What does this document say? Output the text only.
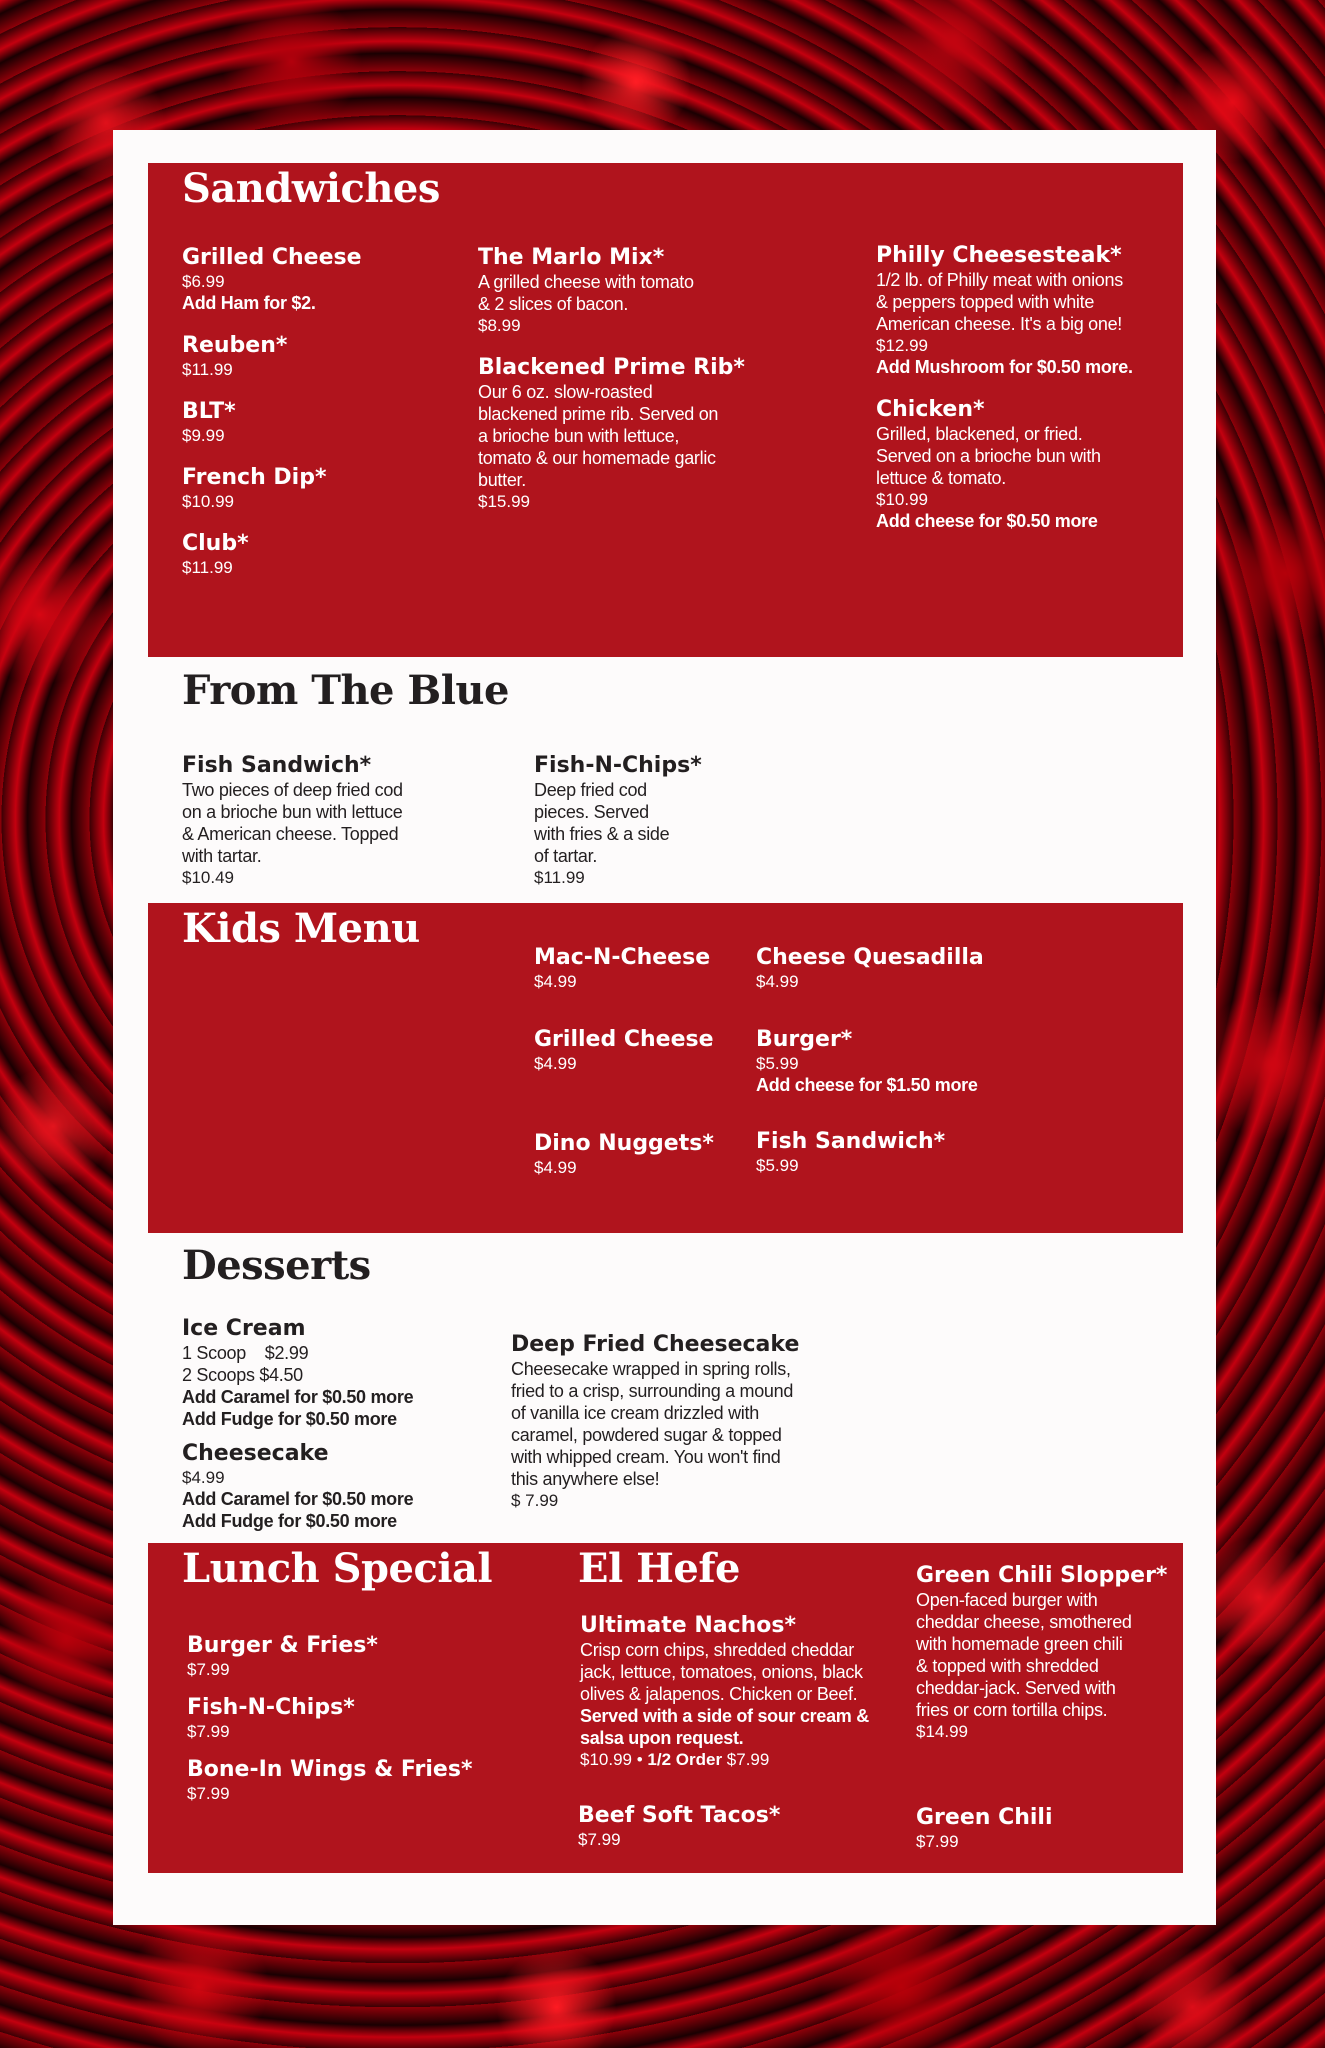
Sandwiches
Grilled Cheese
$6.99
Add Ham for $2.
Reuben*
$11.99
BLT*
$9.99
French Dip*
$10.99
Club*
$11.99
The Marlo Mix*
A grilled cheese with tomato
& 2 slices of bacon.
$8.99
Blackened Prime Rib*
Our 6 oz. slow-roasted
blackened prime rib. Served on
a brioche bun with lettuce,
tomato & our homemade garlic
butter.
$15.99
Philly Cheesesteak*
1/2 lb. of Philly meat with onions
& peppers topped with white
American cheese. It's a big one!
$12.99
Add Mushroom for $0.50 more.
Chicken*
Grilled, blackened, or fried.
Served on a brioche bun with
lettuce & tomato.
$10.99
Add cheese for $0.50 more
From The Blue
Fish Sandwich*
Two pieces of deep fried cod
on a brioche bun with lettuce
& American cheese. Topped
with tartar.
$10.49
Fish-N-Chips*
Deep fried cod
pieces. Served
with fries & a side
of tartar.
$11.99
Kids Menu
Mac-N-Cheese
$4.99
Grilled Cheese
$4.99
Dino Nuggets*
$4.99
Cheese Quesadilla
$4.99
Burger*
$5.99
Add cheese for $1.50 more
Fish Sandwich*
$5.99
Desserts
Ice Cream
1 Scoop    $2.99
2 Scoops $4.50
Add Caramel for $0.50 more
Add Fudge for $0.50 more
Cheesecake
$4.99
Add Caramel for $0.50 more
Add Fudge for $0.50 more
Deep Fried Cheesecake
Cheesecake wrapped in spring rolls,
fried to a crisp, surrounding a mound
of vanilla ice cream drizzled with
caramel, powdered sugar & topped
with whipped cream. You won't find
this anywhere else!
$ 7.99
Lunch Special
Burger & Fries*
$7.99
Fish-N-Chips*
$7.99
Bone-In Wings & Fries*
$7.99
El Hefe
Ultimate Nachos*
Crisp corn chips, shredded cheddar
jack, lettuce, tomatoes, onions, black
olives & jalapenos. Chicken or Beef.
Served with a side of sour cream &
salsa upon request.
$10.99 • 1/2 Order $7.99
Beef Soft Tacos*
$7.99
Green Chili Slopper*
Open-faced burger with
cheddar cheese, smothered
with homemade green chili
& topped with shredded
cheddar-jack. Served with
fries or corn tortilla chips.
$14.99
Green Chili
$7.99
